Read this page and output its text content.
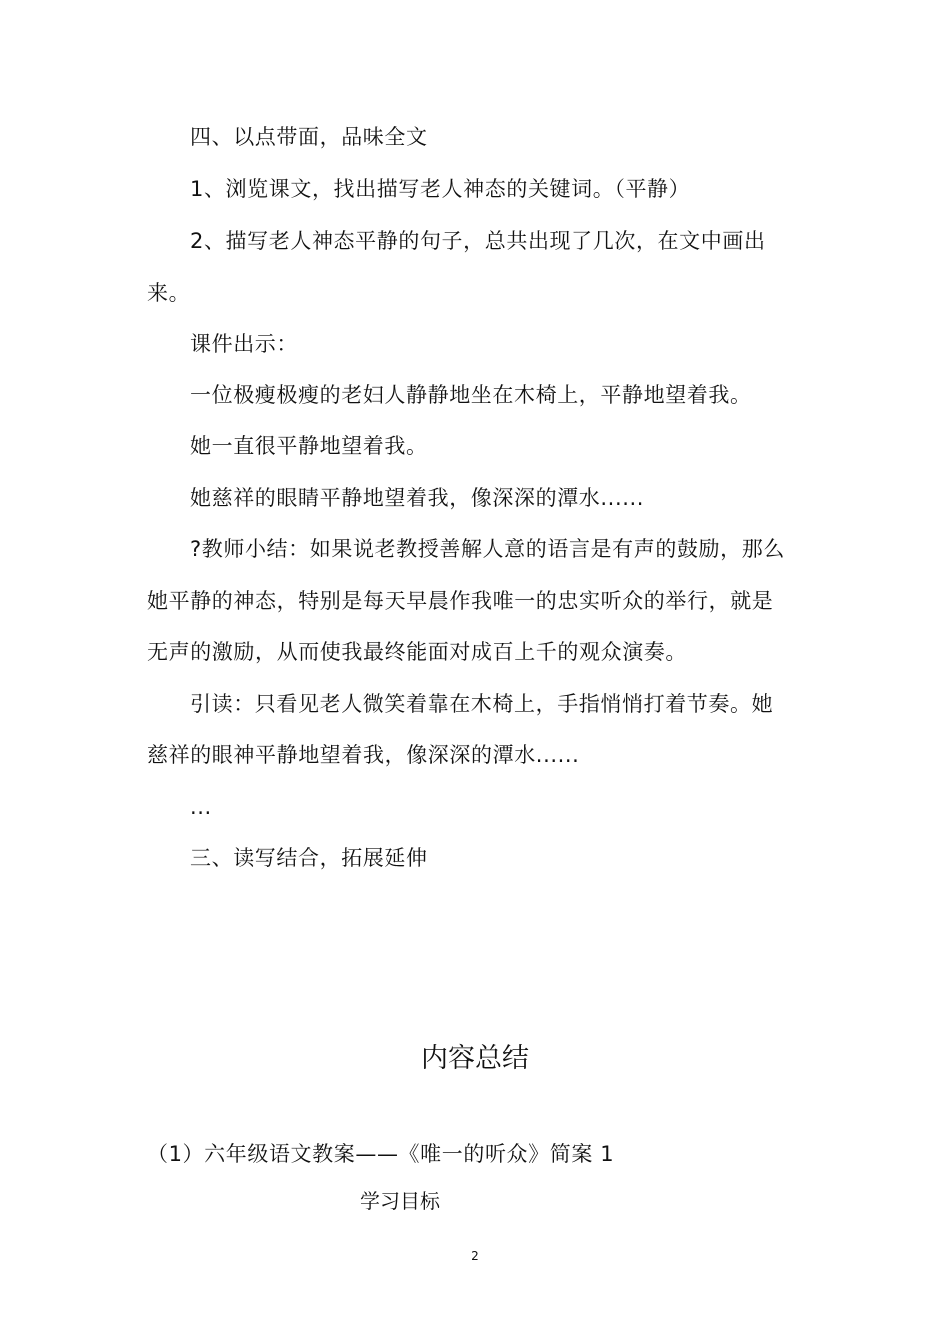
四、以点带面，品味全文
1、浏览课文，找出描写老人神态的关键词。（平静）
2、描写老人神态平静的句子，总共出现了几次，在文中画出
来。
课件出示：
一位极瘦极瘦的老妇人静静地坐在木椅上，平静地望着我。
她一直很平静地望着我。
她慈祥的眼睛平静地望着我，像深深的潭水......
?教师小结：如果说老教授善解人意的语言是有声的鼓励，那么
她平静的神态，特别是每天早晨作我唯一的忠实听众的举行，就是
无声的激励，从而使我最终能面对成百上千的观众演奏。
引读：只看见老人微笑着靠在木椅上，手指悄悄打着节奏。她
慈祥的眼神平静地望着我，像深深的潭水......
...
三、读写结合，拓展延伸
内容总结
（1）六年级语文教案——《唯一的听众》简案 1
学习目标
2
